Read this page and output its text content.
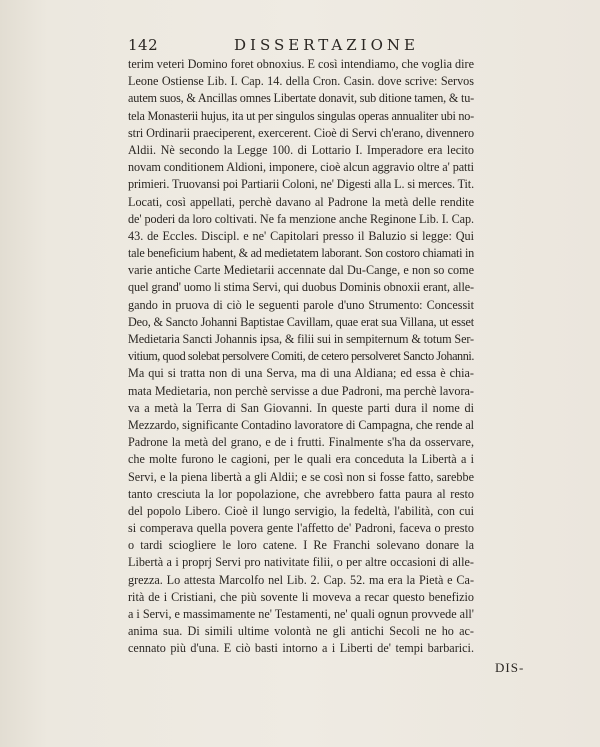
142	DISSERTAZIONE
terim veteri Domino foret obnoxius. E così intendiamo, che voglia dire
Leone Ostiense Lib. I. Cap. 14. della Cron. Casin. dove scrive: Servos
autem suos, & Ancillas omnes Libertate donavit, sub ditione tamen, & tu-
tela Monasterii hujus, ita ut per singulos singulas operas annualiter ubi no-
stri Ordinarii praeciperent, exercerent. Cioè di Servi ch'erano, divennero
Aldii. Nè secondo la Legge 100. di Lottario I. Imperadore era lecito
novam conditionem Aldioni, imponere, cioè alcun aggravio oltre a' patti
primieri. Truovansi poi Partiarii Coloni, ne' Digesti alla L. si merces. Tit.
Locati, così appellati, perchè davano al Padrone la metà delle rendite
de' poderi da loro coltivati. Ne fa menzione anche Reginone Lib. I. Cap.
43. de Eccles. Discipl. e ne' Capitolari presso il Baluzio si legge: Qui
tale beneficium habent, & ad medietatem laborant. Son costoro chiamati in
varie antiche Carte Medietarii accennate dal Du-Cange, e non so come
quel grand' uomo li stima Servi, qui duobus Dominis obnoxii erant, alle-
gando in pruova di ciò le seguenti parole d'uno Strumento: Concessit
Deo, & Sancto Johanni Baptistae Cavillam, quae erat sua Villana, ut esset
Medietaria Sancti Johannis ipsa, & filii sui in sempiternum & totum Ser-
vitium, quod solebat persolvere Comiti, de cetero persolveret Sancto Johanni.
Ma qui si tratta non di una Serva, ma di una Aldiana; ed essa è chia-
mata Medietaria, non perchè servisse a due Padroni, ma perchè lavora-
va a metà la Terra di San Giovanni. In queste parti dura il nome di
Mezzardo, significante Contadino lavoratore di Campagna, che rende al
Padrone la metà del grano, e de i frutti. Finalmente s'ha da osservare,
che molte furono le cagioni, per le quali era conceduta la Libertà a i
Servi, e la piena libertà a gli Aldii; e se così non si fosse fatto, sarebbe
tanto cresciuta la lor popolazione, che avrebbero fatta paura al resto
del popolo Libero. Cioè il lungo servigio, la fedeltà, l'abilità, con cui
si comperava quella povera gente l'affetto de' Padroni, faceva o presto
o tardi sciogliere le loro catene. I Re Franchi solevano donare la
Libertà a i proprj Servi pro nativitate filii, o per altre occasioni di alle-
grezza. Lo attesta Marcolfo nel Lib. 2. Cap. 52. ma era la Pietà e Ca-
rità de i Cristiani, che più sovente li moveva a recar questo benefizio
a i Servi, e massimamente ne' Testamenti, ne' quali ognun provvede all'
anima sua. Di simili ultime volontà ne gli antichi Secoli ne ho ac-
cennato più d'una. E ciò basti intorno a i Liberti de' tempi barbarici.
DIS-
